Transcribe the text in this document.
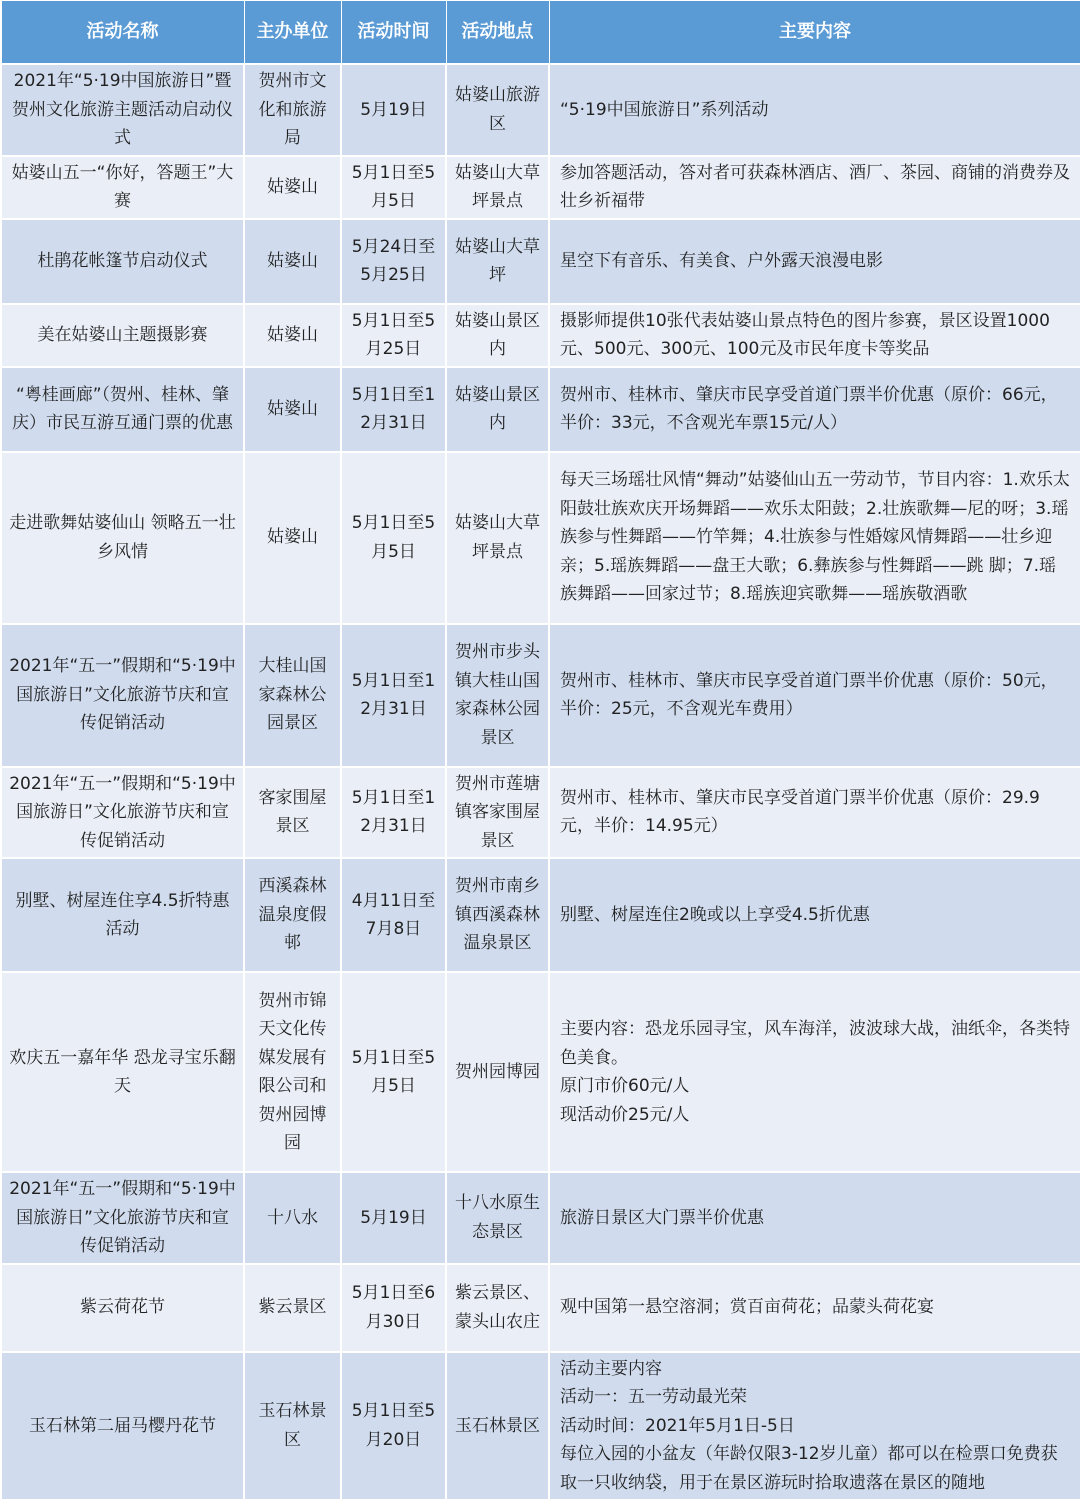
活动名称	主办单位	活动时间	活动地点	主要内容
2021年“5·19中国旅游日”暨贺州文化旅游主题活动启动仪式	贺州市文化和旅游局	5月19日	姑婆山旅游区	“5·19中国旅游日”系列活动
姑婆山五一“你好，答题王”大赛	姑婆山	5月1日至5月5日	姑婆山大草坪景点	参加答题活动，答对者可获森林酒店、酒厂、茶园、商铺的消费券及壮乡祈福带
杜鹃花帐篷节启动仪式	姑婆山	5月24日至5月25日	姑婆山大草坪	星空下有音乐、有美食、户外露天浪漫电影
美在姑婆山主题摄影赛	姑婆山	5月1日至5月25日	姑婆山景区内	摄影师提供10张代表姑婆山景点特色的图片参赛，景区设置1000元、500元、300元、100元及市民年度卡等奖品
“粤桂画廊”（贺州、桂林、肇庆）市民互游互通门票的优惠	姑婆山	5月1日至12月31日	姑婆山景区内	贺州市、桂林市、肇庆市民享受首道门票半价优惠（原价：66元，半价：33元，不含观光车票15元/人）
走进歌舞姑婆仙山 领略五一壮乡风情	姑婆山	5月1日至5月5日	姑婆山大草坪景点	每天三场瑶壮风情“舞动”姑婆仙山五一劳动节，节目内容：1.欢乐太阳鼓壮族欢庆开场舞蹈——欢乐太阳鼓；2.壮族歌舞—尼的呀；3.瑶族参与性舞蹈——竹竿舞；4.壮族参与性婚嫁风情舞蹈——壮乡迎亲；5.瑶族舞蹈——盘王大歌；6.彝族参与性舞蹈——跳 脚；7.瑶族舞蹈——回家过节；8.瑶族迎宾歌舞——瑶族敬酒歌
2021年“五一”假期和“5·19中国旅游日”文化旅游节庆和宣传促销活动	大桂山国家森林公园景区	5月1日至12月31日	贺州市步头镇大桂山国家森林公园景区	贺州市、桂林市、肇庆市民享受首道门票半价优惠（原价：50元，半价：25元，不含观光车费用）
2021年“五一”假期和“5·19中国旅游日”文化旅游节庆和宣传促销活动	客家围屋景区	5月1日至12月31日	贺州市莲塘镇客家围屋景区	贺州市、桂林市、肇庆市民享受首道门票半价优惠（原价：29.9元，半价：14.95元）
别墅、树屋连住享4.5折特惠活动	西溪森林温泉度假邨	4月11日至7月8日	贺州市南乡镇西溪森林温泉景区	别墅、树屋连住2晚或以上享受4.5折优惠
欢庆五一嘉年华 恐龙寻宝乐翻天	贺州市锦天文化传媒发展有限公司和贺州园博园	5月1日至5月5日	贺州园博园	主要内容：恐龙乐园寻宝，风车海洋，波波球大战，油纸伞，各类特色美食。
原门市价60元/人
现活动价25元/人
2021年“五一”假期和“5·19中国旅游日”文化旅游节庆和宣传促销活动	十八水	5月19日	十八水原生态景区	旅游日景区大门票半价优惠
紫云荷花节	紫云景区	5月1日至6月30日	紫云景区、蒙头山农庄	观中国第一悬空溶洞；赏百亩荷花；品蒙头荷花宴
玉石林第二届马樱丹花节	玉石林景区	5月1日至5月20日	玉石林景区	活动主要内容
活动一：五一劳动最光荣
活动时间：2021年5月1日-5日
每位入园的小盆友（年龄仅限3-12岁儿童）都可以在检票口免费获取一只收纳袋，用于在景区游玩时拾取遗落在景区的随地
